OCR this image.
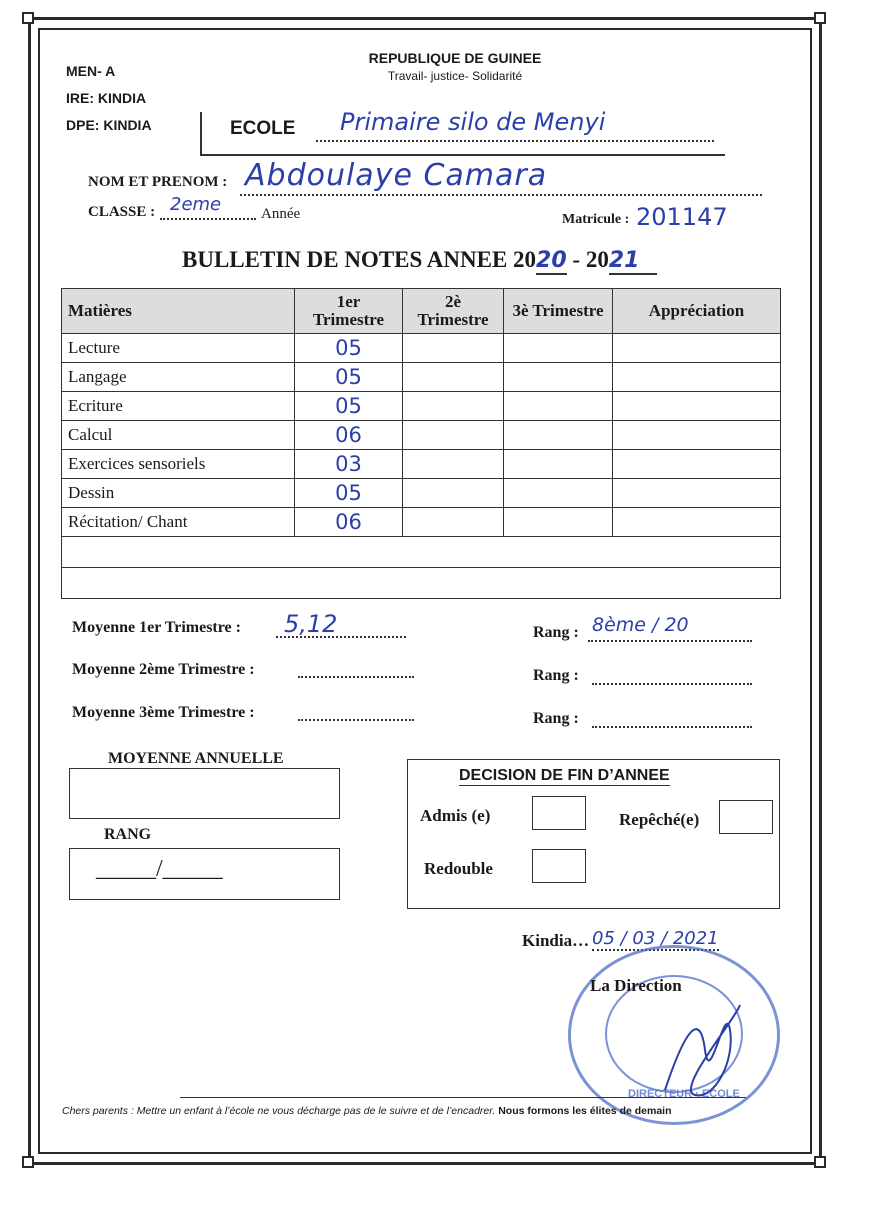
MEN- A
IRE: KINDIA
DPE: KINDIA
REPUBLIQUE DE GUINEE
Travail- justice- Solidarité
ECOLE Primaire silo de Menyi
NOM ET PRENOM : Abdoulaye Camara
CLASSE : 2eme	Année	Matricule : 201147
BULLETIN DE NOTES ANNEE 2020 - 2021
Matières	1er Trimestre	2è Trimestre	3è Trimestre	Appréciation
Lecture	05			
Langage	05			
Ecriture	05			
Calcul	06			
Exercices sensoriels	03			
Dessin	05			
Récitation/ Chant	06			

Moyenne 1er Trimestre : 5,12	Rang : 8ème / 20
Moyenne 2ème Trimestre :	Rang :
Moyenne 3ème Trimestre :	Rang :
MOYENNE ANNUELLE
RANG
_____/_____
DECISION DE FIN D’ANNEE
Admis (e)	Repêché(e)
Redouble
Kindia… 05 / 03 / 2021
La Direction
DIRECTEUR · ECOLE
Chers parents : Mettre un enfant à l’école ne vous décharge pas de le suivre et de l’encadrer. Nous formons les élites de demain
